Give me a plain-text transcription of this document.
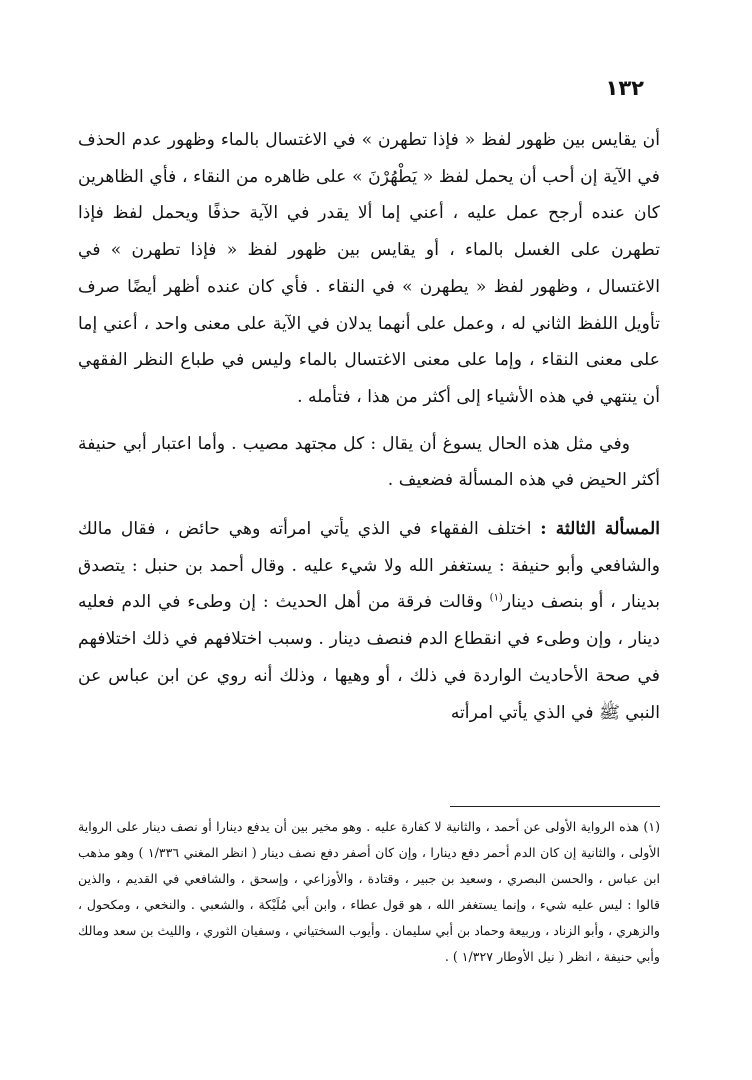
١٣٢

أن يقايس بين ظهور لفظ « فإذا تطهرن » في الاغتسال بالماء وظهور عدم الحذف في الآية إن أحب أن يحمل لفظ « يَطْهُرْنَ » على ظاهره من النقاء ، فأي الظاهرين كان عنده أرجح عمل عليه ، أعني إما ألا يقدر في الآية حذفًا ويحمل لفظ فإذا تطهرن على الغسل بالماء ، أو يقايس بين ظهور لفظ « فإذا تطهرن » في الاغتسال ، وظهور لفظ « يطهرن » في النقاء . فأي كان عنده أظهر أيضًا صرف تأويل اللفظ الثاني له ، وعمل على أنهما يدلان في الآية على معنى واحد ، أعني إما على معنى النقاء ، وإما على معنى الاغتسال بالماء وليس في طباع النظر الفقهي أن ينتهي في هذه الأشياء إلى أكثر من هذا ، فتأمله .

وفي مثل هذه الحال يسوغ أن يقال : كل مجتهد مصيب . وأما اعتبار أبي حنيفة أكثر الحيض في هذه المسألة فضعيف .

المسألة الثالثة : اختلف الفقهاء في الذي يأتي امرأته وهي حائض ، فقال مالك والشافعي وأبو حنيفة : يستغفر الله ولا شيء عليه . وقال أحمد بن حنبل : يتصدق بدينار ، أو بنصف دينار$^{(١)}$ وقالت فرقة من أهل الحديث : إن وطىء في الدم فعليه دينار ، وإن وطىء في انقطاع الدم فنصف دينار . وسبب اختلافهم في ذلك اختلافهم في صحة الأحاديث الواردة في ذلك ، أو وهيها ، وذلك أنه روي عن ابن عباس عن النبي ﷺ في الذي يأتي امرأته

(١) هذه الرواية الأولى عن أحمد ، والثانية لا كفارة عليه . وهو مخير بين أن يدفع دينارا أو نصف دينار على الرواية الأولى ، والثانية إن كان الدم أحمر دفع دينارا ، وإن كان أصفر دفع نصف دينار ( انظر المغني ١/٣٣٦ ) وهو مذهب ابن عباس ، والحسن البصري ، وسعيد بن جبير ، وقتادة ، والأوزاعي ، وإسحق ، والشافعي في القديم ، والذين قالوا : ليس عليه شيء ، وإنما يستغفر الله ، هو قول عطاء ، وابن أبي مُلَيْكة ، والشعبي . والنخعي ، ومكحول ، والزهري ، وأبو الزناد ، وربيعة وحماد بن أبي سليمان . وأيوب السختياني ، وسفيان الثوري ، والليث بن سعد ومالك وأبي حنيفة ، انظر ( نيل الأوطار ١/٣٢٧ ) .
